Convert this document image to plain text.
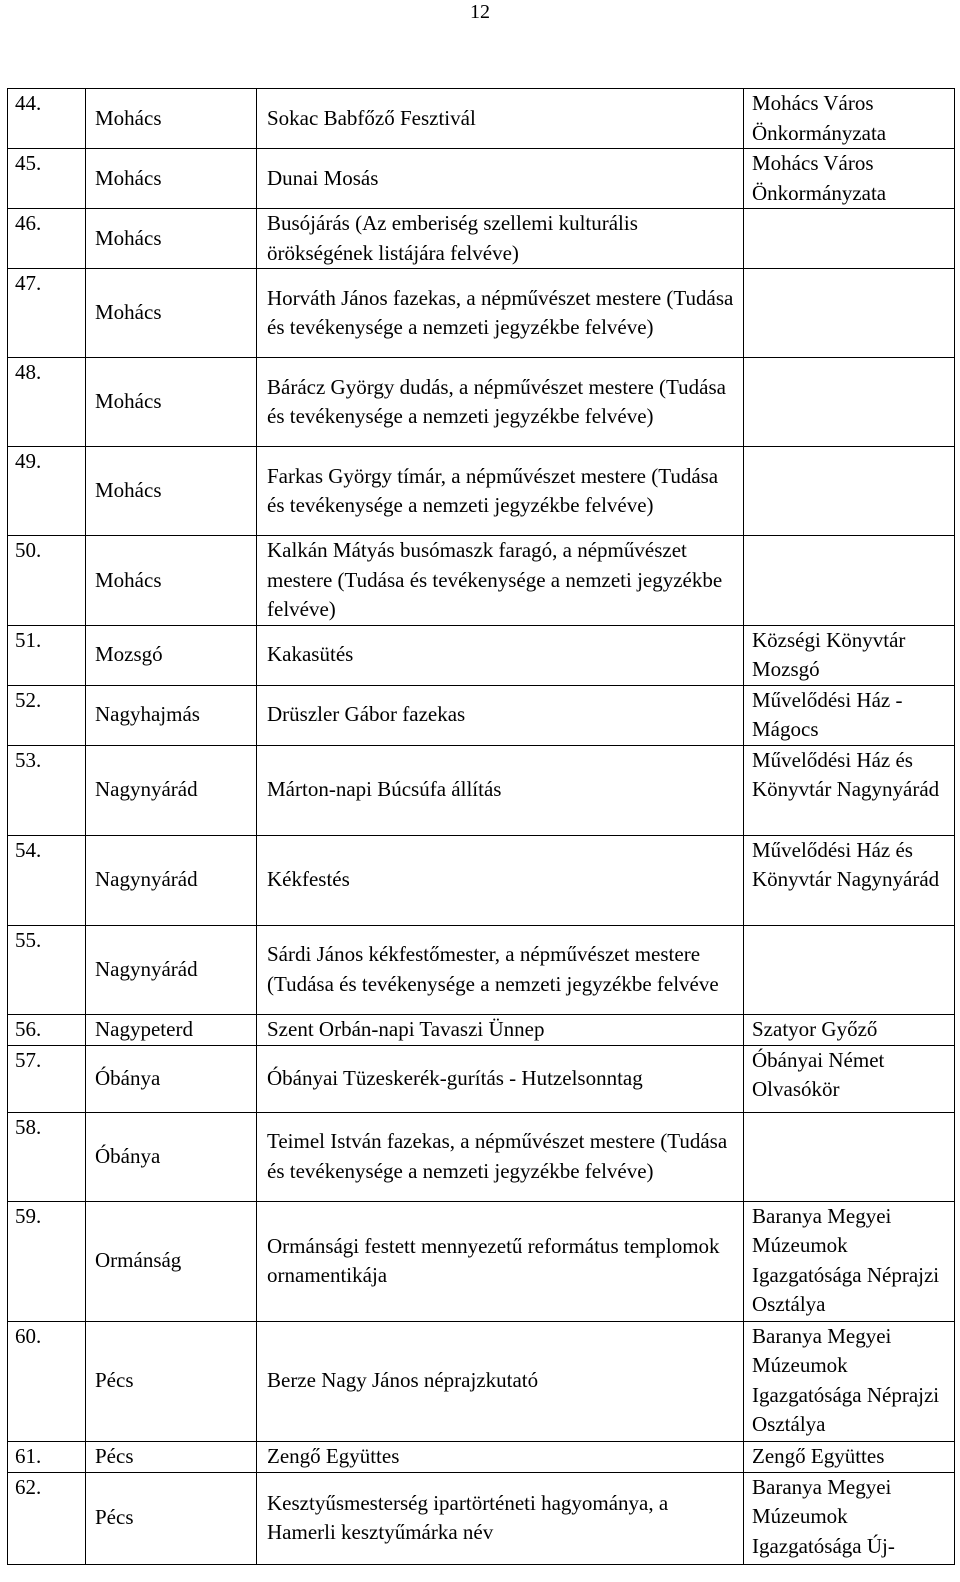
12
44.	Mohács	Sokac Babfőző Fesztivál	Mohács Város Önkormányzata
45.	Mohács	Dunai Mosás	Mohács Város Önkormányzata
46.	Mohács	Busójárás (Az emberiség szellemi kulturális örökségének listájára felvéve)	
47.	Mohács	Horváth János fazekas, a népművészet mestere (Tudása és tevékenysége a nemzeti jegyzékbe felvéve)	
48.	Mohács	Bárácz György dudás, a népművészet mestere (Tudása és tevékenysége a nemzeti jegyzékbe felvéve)	
49.	Mohács	Farkas György tímár, a népművészet mestere (Tudása és tevékenysége a nemzeti jegyzékbe felvéve)	
50.	Mohács	Kalkán Mátyás busómaszk faragó, a népművészet mestere (Tudása és tevékenysége a nemzeti jegyzékbe felvéve)	
51.	Mozsgó	Kakasütés	Községi Könyvtár Mozsgó
52.	Nagyhajmás	Drüszler Gábor fazekas	Művelődési Ház - Mágocs
53.	Nagynyárád	Márton-napi Búcsúfa állítás	Művelődési Ház és Könyvtár Nagynyárád
54.	Nagynyárád	Kékfestés	Művelődési Ház és Könyvtár Nagynyárád
55.	Nagynyárád	Sárdi János kékfestőmester, a népművészet mestere (Tudása és tevékenysége a nemzeti jegyzékbe felvéve	
56.	Nagypeterd	Szent Orbán-napi Tavaszi Ünnep	Szatyor Győző
57.	Óbánya	Óbányai Tüzeskerék-gurítás - Hutzelsonntag	Óbányai Német Olvasókör
58.	Óbánya	Teimel István fazekas, a népművészet mestere (Tudása és tevékenysége a nemzeti jegyzékbe felvéve)	
59.	Ormánság	Ormánsági festett mennyezetű református templomok ornamentikája	Baranya Megyei Múzeumok Igazgatósága Néprajzi Osztálya
60.	Pécs	Berze Nagy János néprajzkutató	Baranya Megyei Múzeumok Igazgatósága Néprajzi Osztálya
61.	Pécs	Zengő Együttes	Zengő Együttes
62.	Pécs	Kesztyűsmesterség ipartörténeti hagyománya, a Hamerli kesztyűmárka név	Baranya Megyei Múzeumok Igazgatósága Új-
